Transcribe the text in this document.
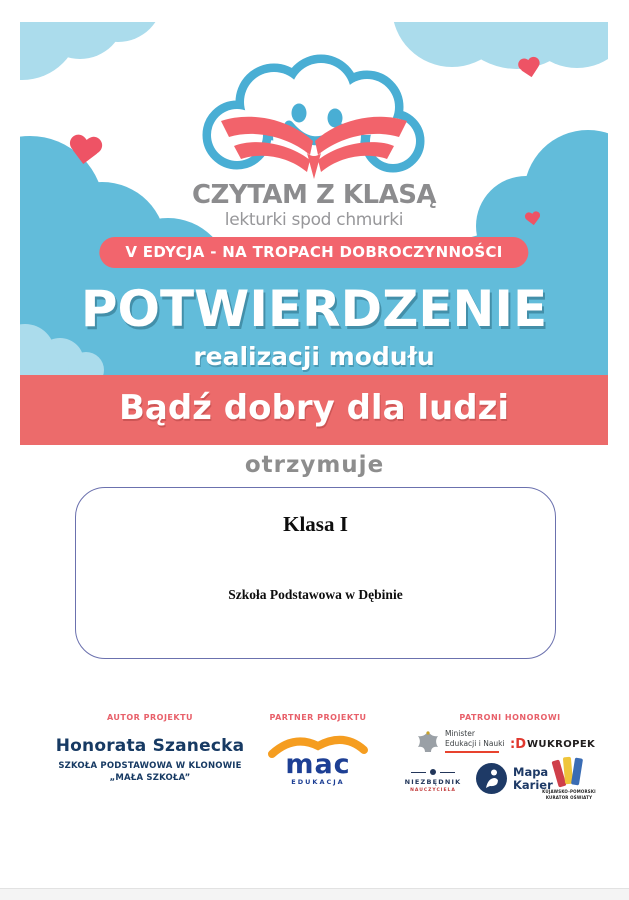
CZYTAM Z KLASĄ
lekturki spod chmurki
V EDYCJA - NA TROPACH DOBROCZYNNOŚCI
POTWIERDZENIE
realizacji modułu
Bądź dobry dla ludzi
otrzymuje
Klasa I
Szkoła Podstawowa w Dębinie
AUTOR PROJEKTU
Honorata Szanecka
SZKOŁA PODSTAWOWA W KLONOWIE
„MAŁA SZKOŁA”
PARTNER PROJEKTU
mac
EDUKACJA
PATRONI HONOROWI
Minister
Edukacji i Nauki :D WUKROPEK
NIEZBĘDNIK
NAUCZYCIELA
Mapa
Karier
KUJAWSKO-POMORSKI
KURATOR OŚWIATY
